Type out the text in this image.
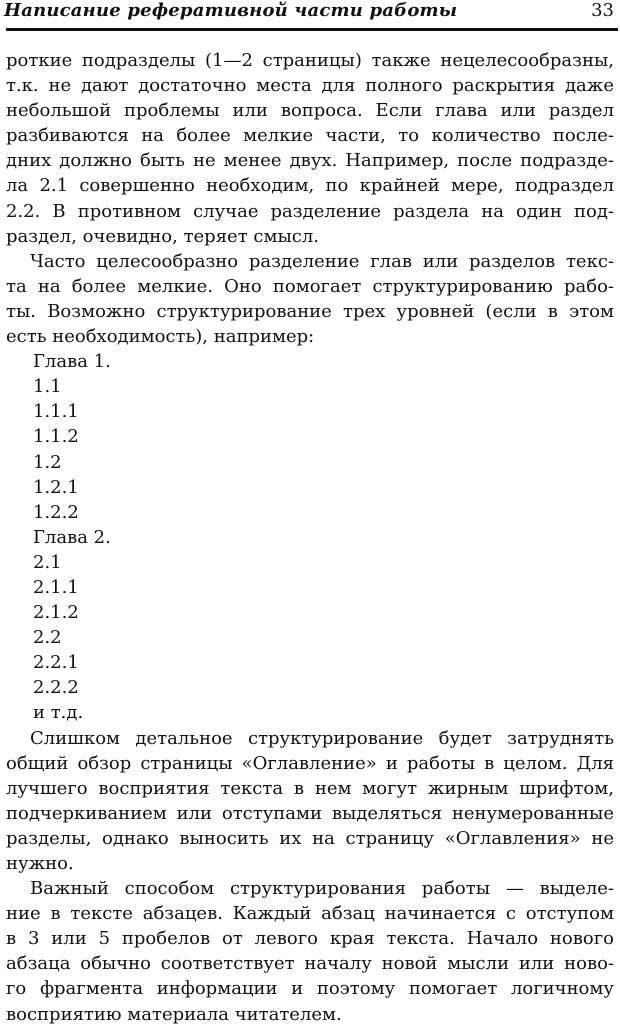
Написание реферативной части работы	33
роткие подразделы (1—2 страницы) также нецелесообразны,
т.к. не дают достаточно места для полного раскрытия даже
небольшой проблемы или вопроса. Если глава или раздел
разбиваются на более мелкие части, то количество после-
дних должно быть не менее двух. Например, после подразде-
ла 2.1 совершенно необходим, по крайней мере, подраздел
2.2. В противном случае разделение раздела на один под-
раздел, очевидно, теряет смысл.
Часто целесообразно разделение глав или разделов текс-
та на более мелкие. Оно помогает структурированию рабо-
ты. Возможно структурирование трех уровней (если в этом
есть необходимость), например:
Глава 1.
1.1
1.1.1
1.1.2
1.2
1.2.1
1.2.2
Глава 2.
2.1
2.1.1
2.1.2
2.2
2.2.1
2.2.2
и т.д.
Слишком детальное структурирование будет затруднять
общий обзор страницы «Оглавление» и работы в целом. Для
лучшего восприятия текста в нем могут жирным шрифтом,
подчеркиванием или отступами выделяться ненумерованные
разделы, однако выносить их на страницу «Оглавления» не
нужно.
Важный способом структурирования работы — выделе-
ние в тексте абзацев. Каждый абзац начинается с отступом
в 3 или 5 пробелов от левого края текста. Начало нового
абзаца обычно соответствует началу новой мысли или ново-
го фрагмента информации и поэтому помогает логичному
восприятию материала читателем.
